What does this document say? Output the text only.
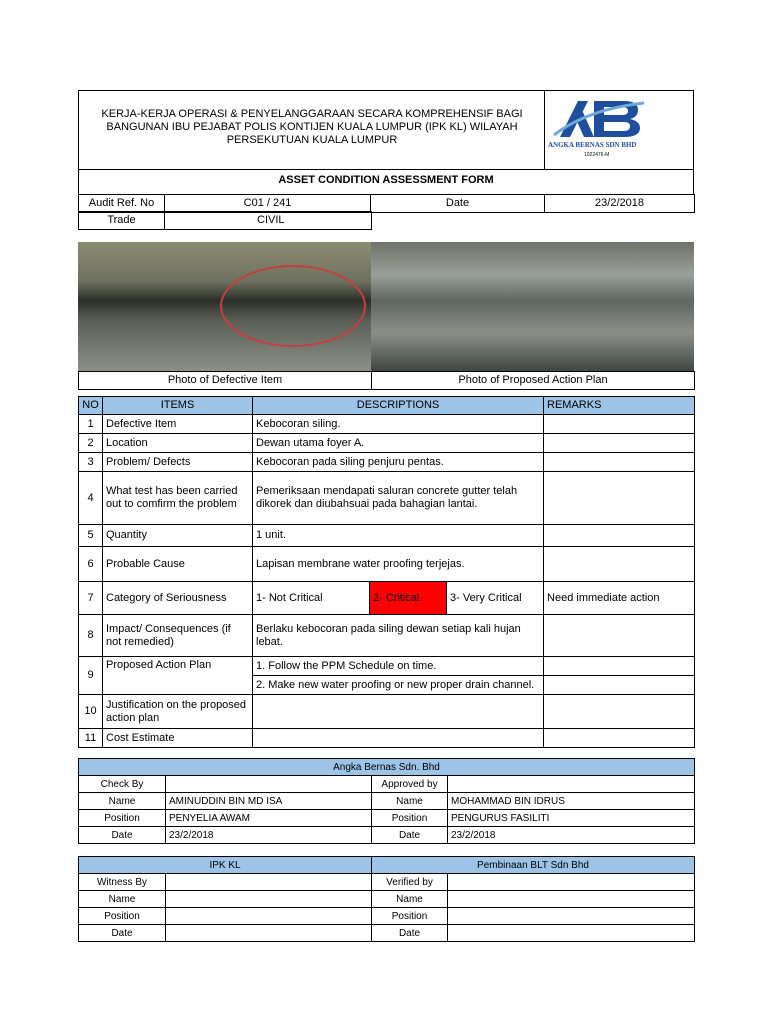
KERJA-KERJA OPERASI & PENYELANGGARAAN SECARA KOMPREHENSIF BAGI BANGUNAN IBU PEJABAT POLIS KONTIJEN KUALA LUMPUR (IPK KL) WILAYAH PERSEKUTUAN KUALA LUMPUR	ANGKA BERNAS SDN BHD
1022476-M
ASSET CONDITION ASSESSMENT FORM
Audit Ref. No	C01 / 241	Date	23/2/2018
Trade	CIVIL
Photo of Defective Item	Photo of Proposed Action Plan
NO	ITEMS	DESCRIPTIONS			REMARKS
1	Defective Item	Kebocoran siling.			
2	Location	Dewan utama foyer A.			
3	Problem/ Defects	Kebocoran pada siling penjuru pentas.			
4	What test has been carried out to comfirm the problem	Pemeriksaan mendapati saluran concrete gutter telah dikorek dan diubahsuai pada bahagian lantai.			
5	Quantity	1 unit.			
6	Probable Cause	Lapisan membrane water proofing terjejas.			
7	Category of Seriousness	1- Not Critical	2- Critical	3- Very Critical	Need immediate action
8	Impact/ Consequences (if not remedied)	Berlaku kebocoran pada siling dewan setiap kali hujan lebat.			
9	Proposed Action Plan	1. Follow the PPM Schedule on time.			
		2. Make new water proofing or new proper drain channel.			
10	Justification on the proposed action plan				
11	Cost Estimate				
Angka Bernas Sdn. Bhd			
Check By		Approved by	
Name	AMINUDDIN BIN MD ISA	Name	MOHAMMAD BIN IDRUS
Position	PENYELIA AWAM	Position	PENGURUS FASILITI
Date	23/2/2018	Date	23/2/2018
IPK KL		Pembinaan BLT Sdn Bhd	
Witness By		Verified by	
Name		Name	
Position		Position	
Date		Date	
